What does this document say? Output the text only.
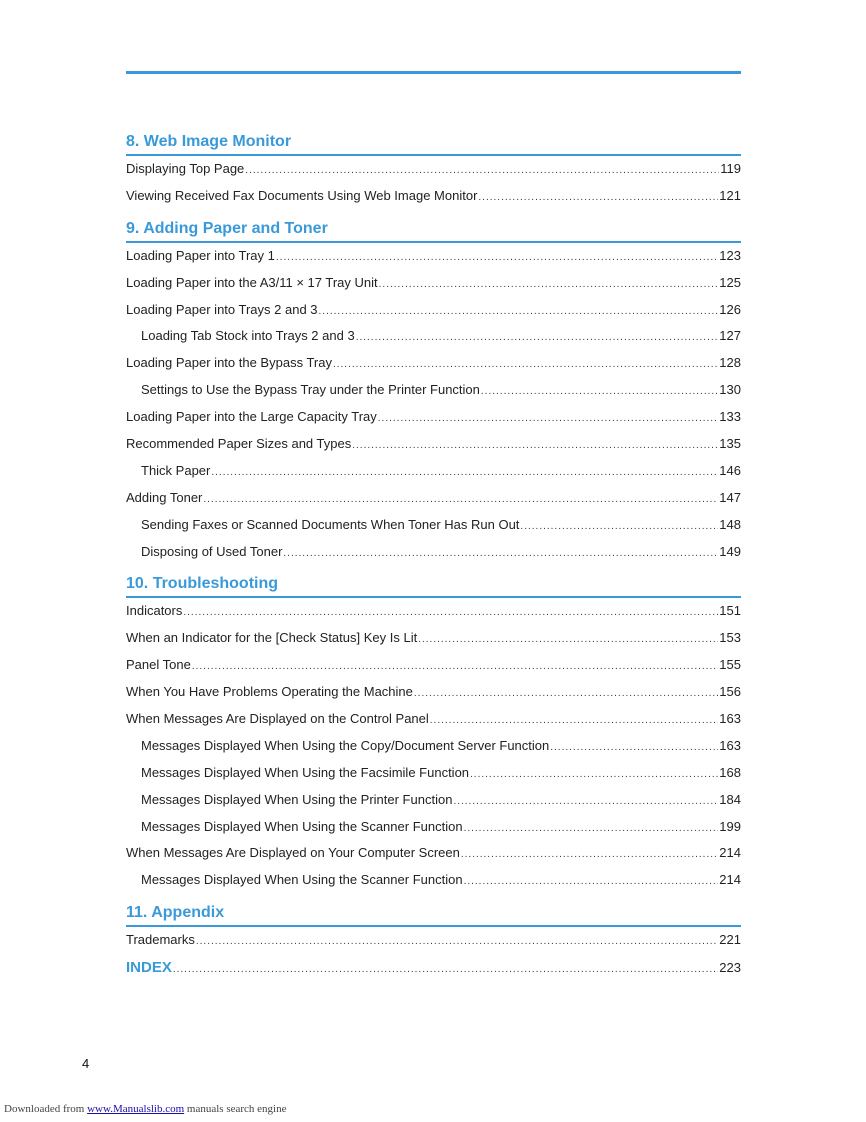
8. Web Image Monitor
Displaying Top Page .....	119
Viewing Received Fax Documents Using Web Image Monitor .....	121
9. Adding Paper and Toner
Loading Paper into Tray 1 .....	123
Loading Paper into the A3/11 × 17 Tray Unit .....	125
Loading Paper into Trays 2 and 3 .....	126
Loading Tab Stock into Trays 2 and 3 .....	127
Loading Paper into the Bypass Tray .....	128
Settings to Use the Bypass Tray under the Printer Function .....	130
Loading Paper into the Large Capacity Tray .....	133
Recommended Paper Sizes and Types .....	135
Thick Paper .....	146
Adding Toner .....	147
Sending Faxes or Scanned Documents When Toner Has Run Out .....	148
Disposing of Used Toner .....	149
10. Troubleshooting
Indicators .....	151
When an Indicator for the [Check Status] Key Is Lit .....	153
Panel Tone .....	155
When You Have Problems Operating the Machine .....	156
When Messages Are Displayed on the Control Panel .....	163
Messages Displayed When Using the Copy/Document Server Function .....	163
Messages Displayed When Using the Facsimile Function .....	168
Messages Displayed When Using the Printer Function .....	184
Messages Displayed When Using the Scanner Function .....	199
When Messages Are Displayed on Your Computer Screen .....	214
Messages Displayed When Using the Scanner Function .....	214
11. Appendix
Trademarks .....	221
INDEX .....	223
4
Downloaded from www.Manualslib.com manuals search engine
